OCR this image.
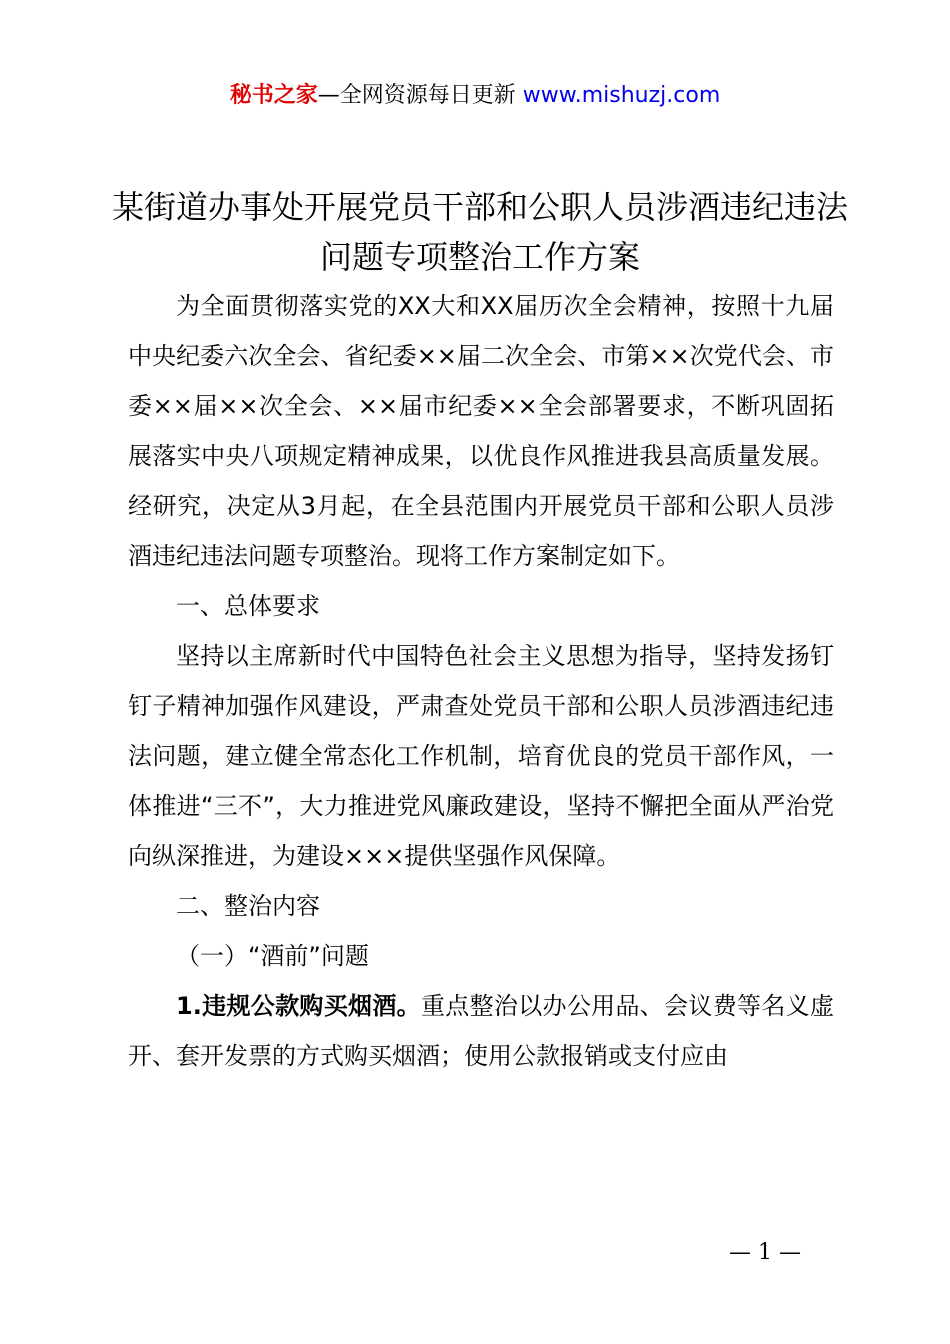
秘书之家—全网资源每日更新 www.mishuzj.com
某街道办事处开展党员干部和公职人员涉酒违纪违法问题专项整治工作方案

为全面贯彻落实党的XX大和XX届历次全会精神，按照十九届中央纪委六次全会、省纪委××届二次全会、市第××次党代会、市委××届××次全会、××届市纪委××全会部署要求，不断巩固拓展落实中央八项规定精神成果，以优良作风推进我县高质量发展。经研究，决定从3月起，在全县范围内开展党员干部和公职人员涉酒违纪违法问题专项整治。现将工作方案制定如下。

一、总体要求

坚持以主席新时代中国特色社会主义思想为指导，坚持发扬钉钉子精神加强作风建设，严肃查处党员干部和公职人员涉酒违纪违法问题，建立健全常态化工作机制，培育优良的党员干部作风，一体推进“三不”，大力推进党风廉政建设，坚持不懈把全面从严治党向纵深推进，为建设×××提供坚强作风保障。

二、整治内容

（一）“酒前”问题

1.违规公款购买烟酒。重点整治以办公用品、会议费等名义虚开、套开发票的方式购买烟酒；使用公款报销或支付应由

— 1 —
